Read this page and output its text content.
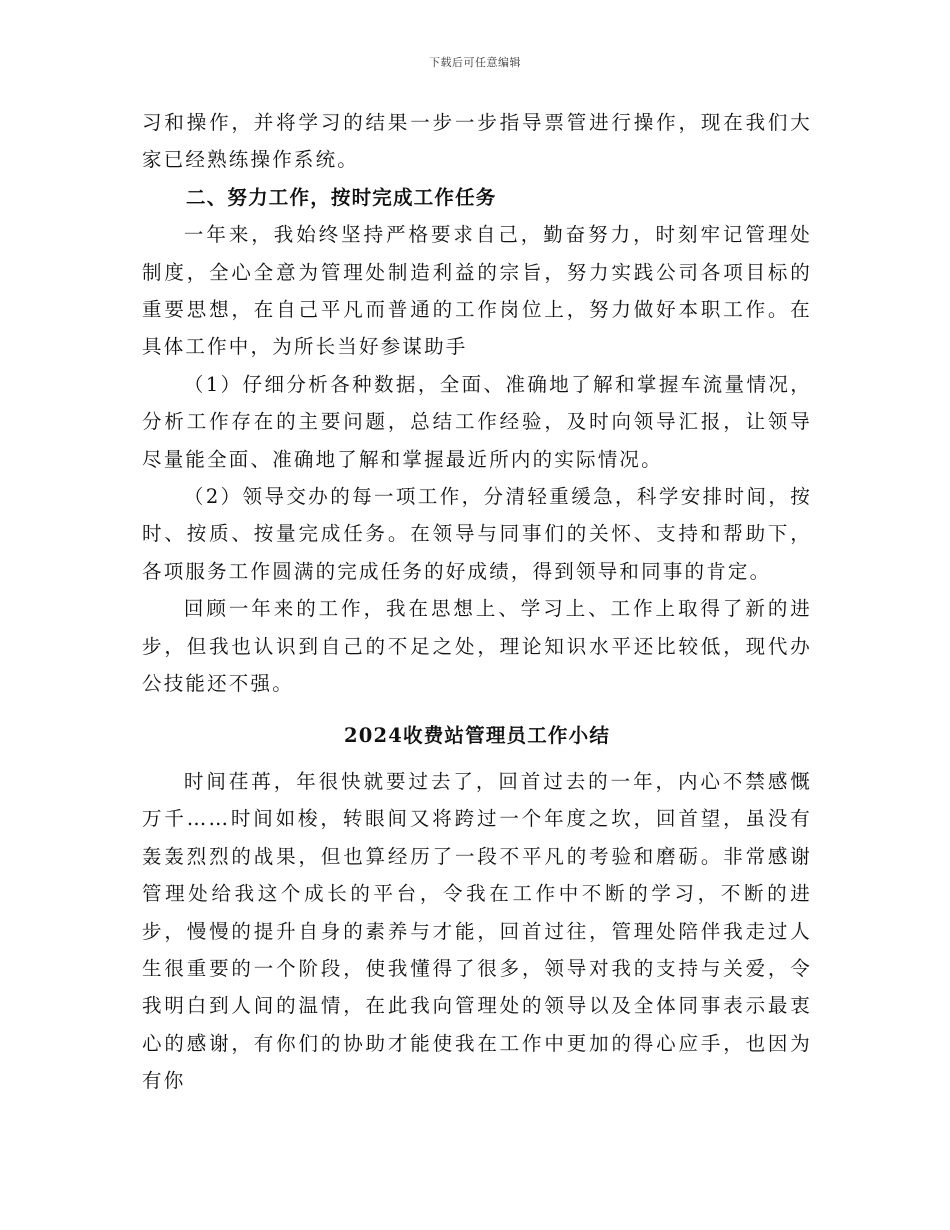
下载后可任意编辑

习和操作，并将学习的结果一步一步指导票管进行操作，现在我们大家已经熟练操作系统。

二、努力工作，按时完成工作任务

一年来，我始终坚持严格要求自己，勤奋努力，时刻牢记管理处制度，全心全意为管理处制造利益的宗旨，努力实践公司各项目标的重要思想，在自己平凡而普通的工作岗位上，努力做好本职工作。在具体工作中，为所长当好参谋助手

（1）仔细分析各种数据，全面、准确地了解和掌握车流量情况，分析工作存在的主要问题，总结工作经验，及时向领导汇报，让领导尽量能全面、准确地了解和掌握最近所内的实际情况。

（2）领导交办的每一项工作，分清轻重缓急，科学安排时间，按时、按质、按量完成任务。在领导与同事们的关怀、支持和帮助下，各项服务工作圆满的完成任务的好成绩，得到领导和同事的肯定。

回顾一年来的工作，我在思想上、学习上、工作上取得了新的进步，但我也认识到自己的不足之处，理论知识水平还比较低，现代办公技能还不强。

2024收费站管理员工作小结

时间荏苒，年很快就要过去了，回首过去的一年，内心不禁感慨万千……时间如梭，转眼间又将跨过一个年度之坎，回首望，虽没有轰轰烈烈的战果，但也算经历了一段不平凡的考验和磨砺。非常感谢管理处给我这个成长的平台，令我在工作中不断的学习，不断的进步，慢慢的提升自身的素养与才能，回首过往，管理处陪伴我走过人生很重要的一个阶段，使我懂得了很多，领导对我的支持与关爱，令我明白到人间的温情，在此我向管理处的领导以及全体同事表示最衷心的感谢，有你们的协助才能使我在工作中更加的得心应手，也因为有你
